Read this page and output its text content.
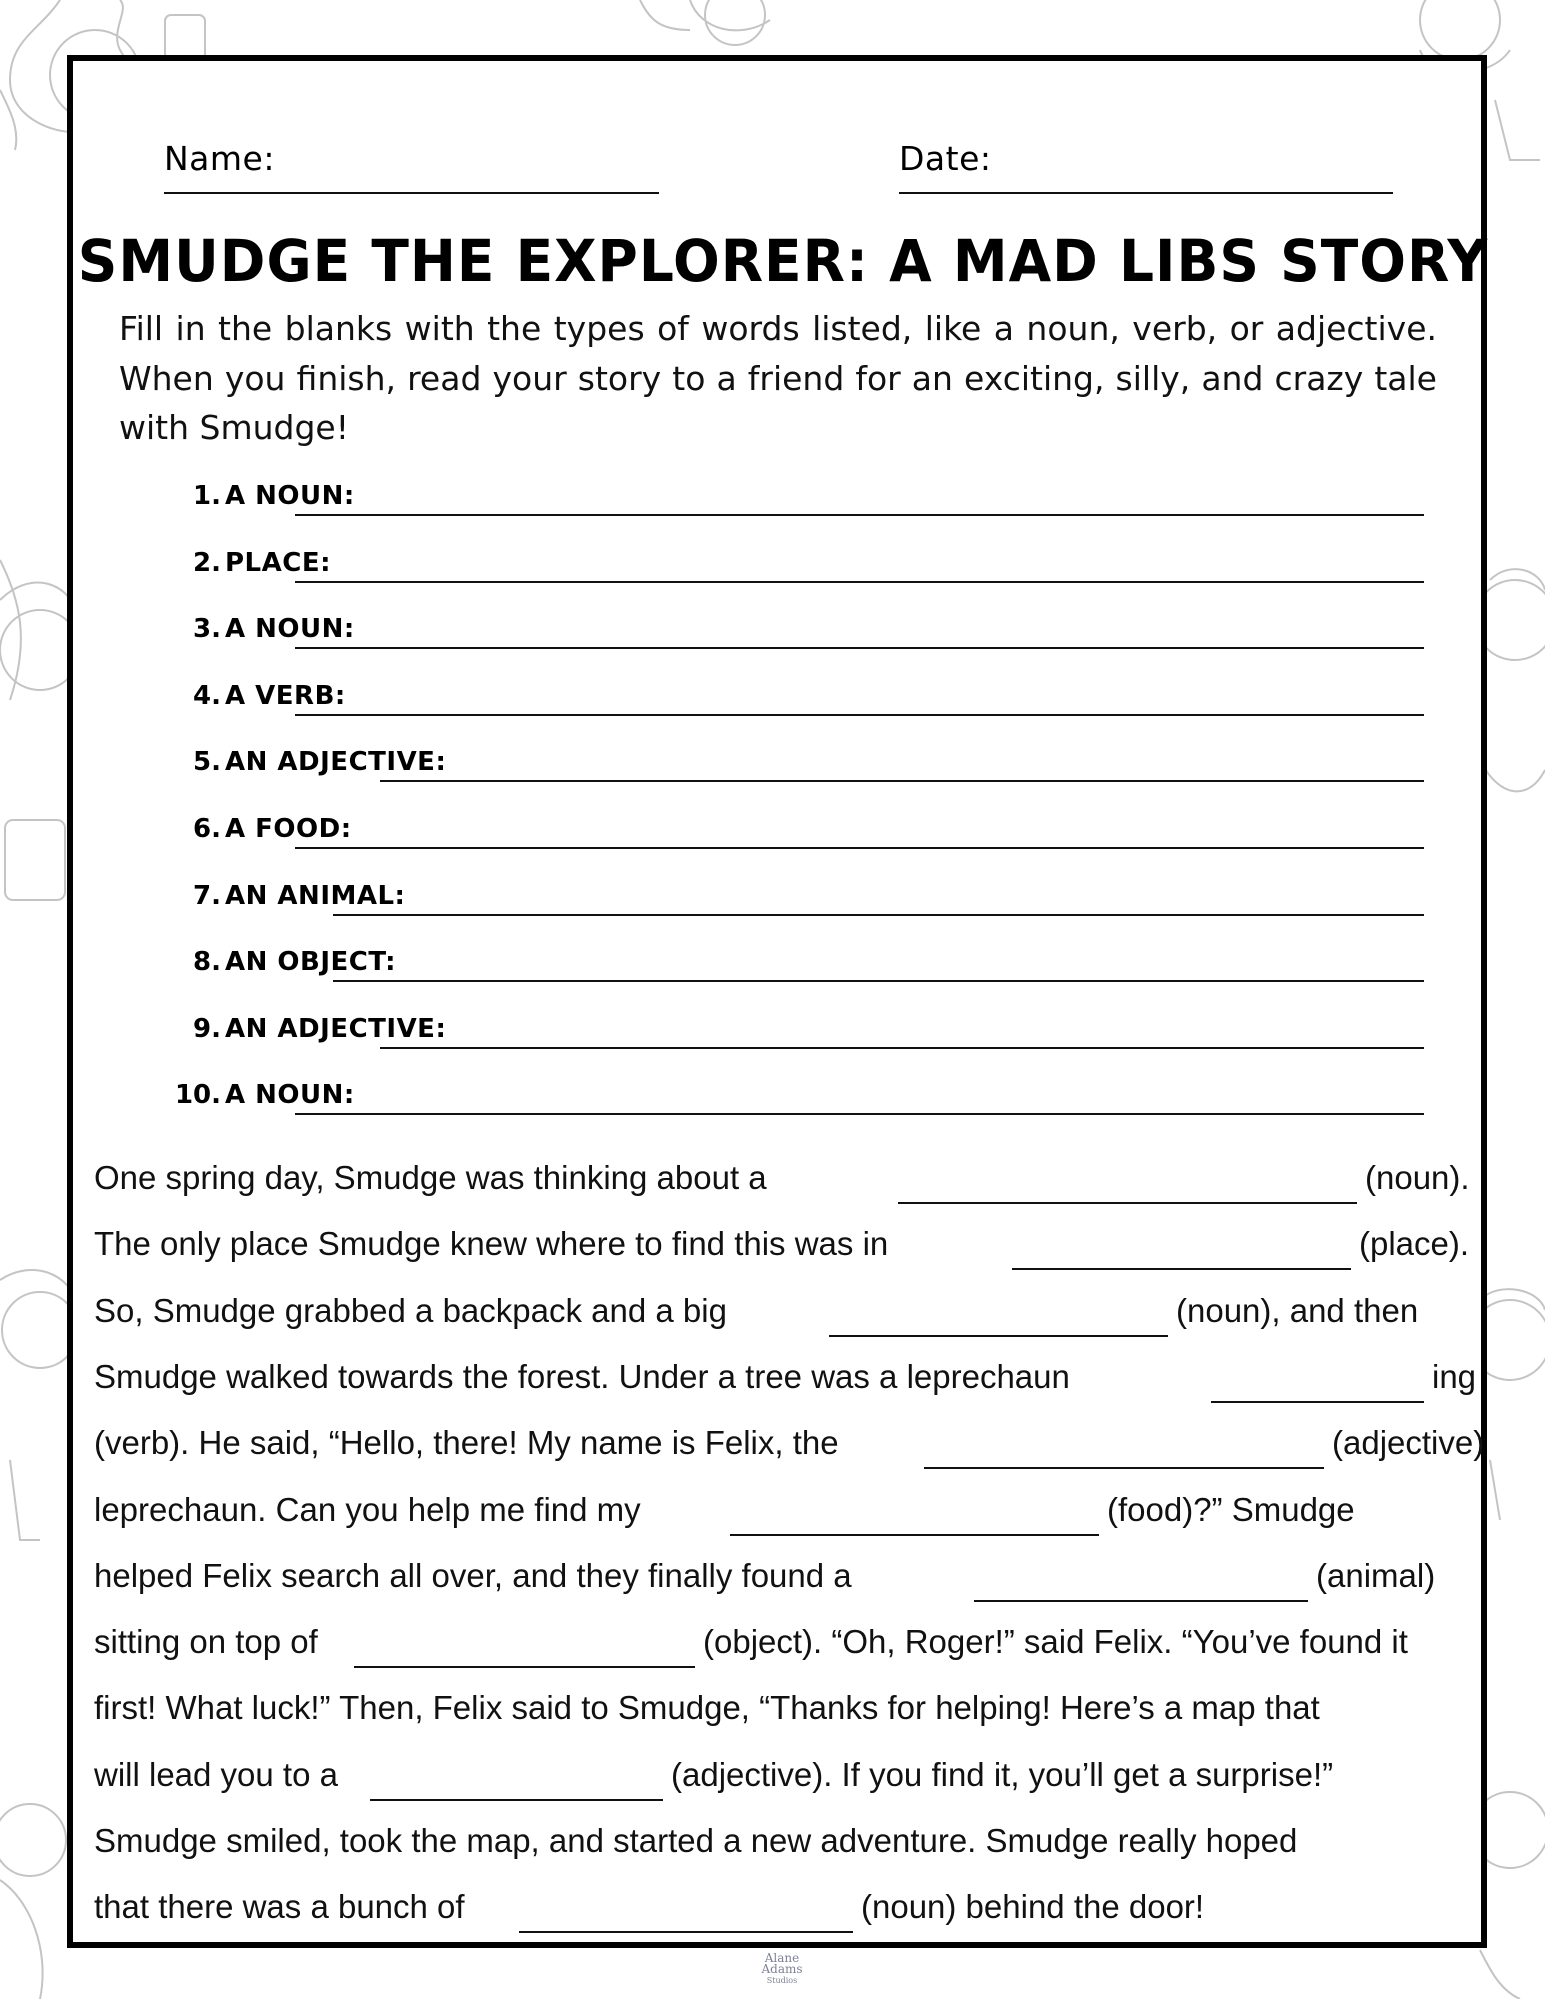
Name:	Date:
SMUDGE THE EXPLORER: A MAD LIBS STORY
Fill in the blanks with the types of words listed, like a noun, verb, or adjective. When you finish, read your story to a friend for an exciting, silly, and crazy tale with Smudge!
1. A NOUN:
2. PLACE:
3. A NOUN:
4. A VERB:
5. AN ADJECTIVE:
6. A FOOD:
7. AN ANIMAL:
8. AN OBJECT:
9. AN ADJECTIVE:
10. A NOUN:
One spring day, Smudge was thinking about a	(noun).
The only place Smudge knew where to find this was in	(place).
So, Smudge grabbed a backpack and a big	(noun), and then
Smudge walked towards the forest. Under a tree was a leprechaun	ing
(verb). He said, “Hello, there! My name is Felix, the	(adjective)
leprechaun. Can you help me find my	(food)?” Smudge
helped Felix search all over, and they finally found a	(animal)
sitting on top of	(object). “Oh, Roger!” said Felix. “You’ve found it
first! What luck!” Then, Felix said to Smudge, “Thanks for helping! Here’s a map that
will lead you to a	(adjective). If you find it, you’ll get a surprise!”
Smudge smiled, took the map, and started a new adventure. Smudge really hoped
that there was a bunch of	(noun) behind the door!
Alane
Adams
Studios
